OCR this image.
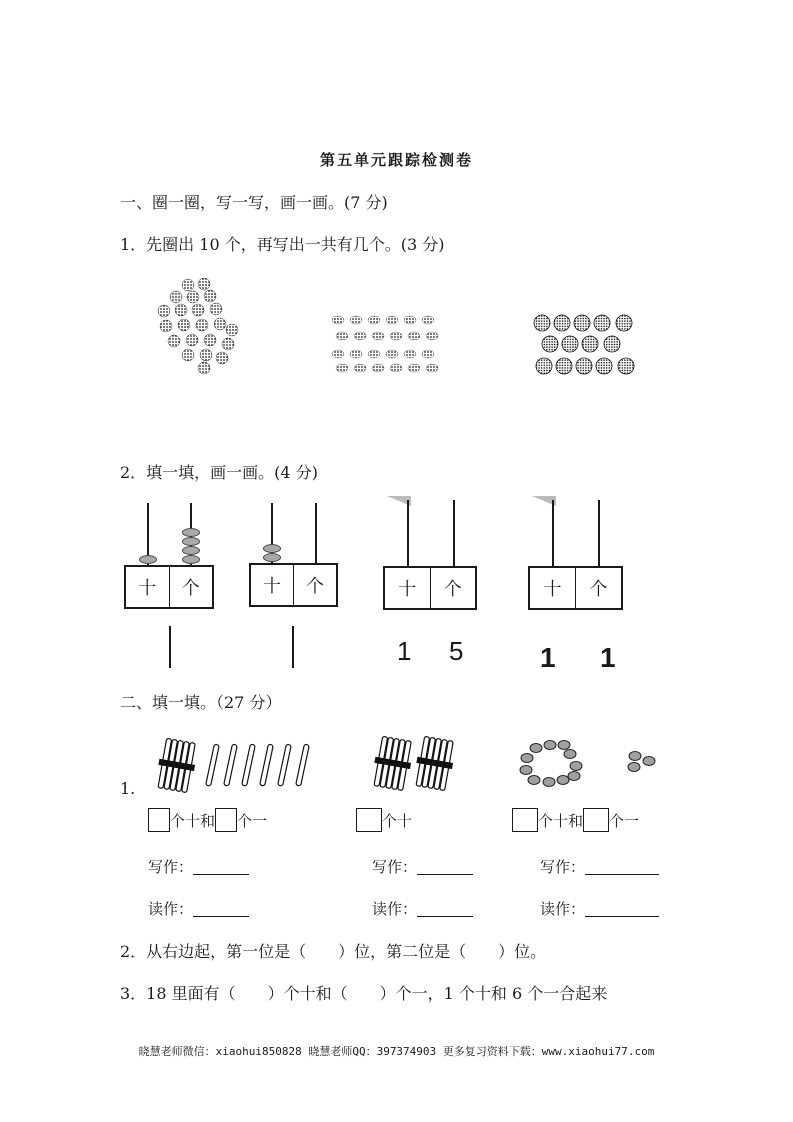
第五单元跟踪检测卷
一、圈一圈，写一写，画一画。(7 分)
1．先圈出 10 个，再写出一共有几个。(3 分)
2．填一填，画一画。(4 分)
十	个	十	个	十	个	十	个
1 5	1 1
二、填一填。（27 分）
1.
个十和 个一	个十	个十和 个一
写作：	写作：	写作：
读作：	读作：	读作：
2．从右边起，第一位是（　　）位，第二位是（　　）位。
3．18 里面有（　　）个十和（　　）个一，1 个十和 6 个一合起来
晓慧老师微信：xiaohui850828 晓慧老师QQ：397374903 更多复习资料下载：www.xiaohui77.com
